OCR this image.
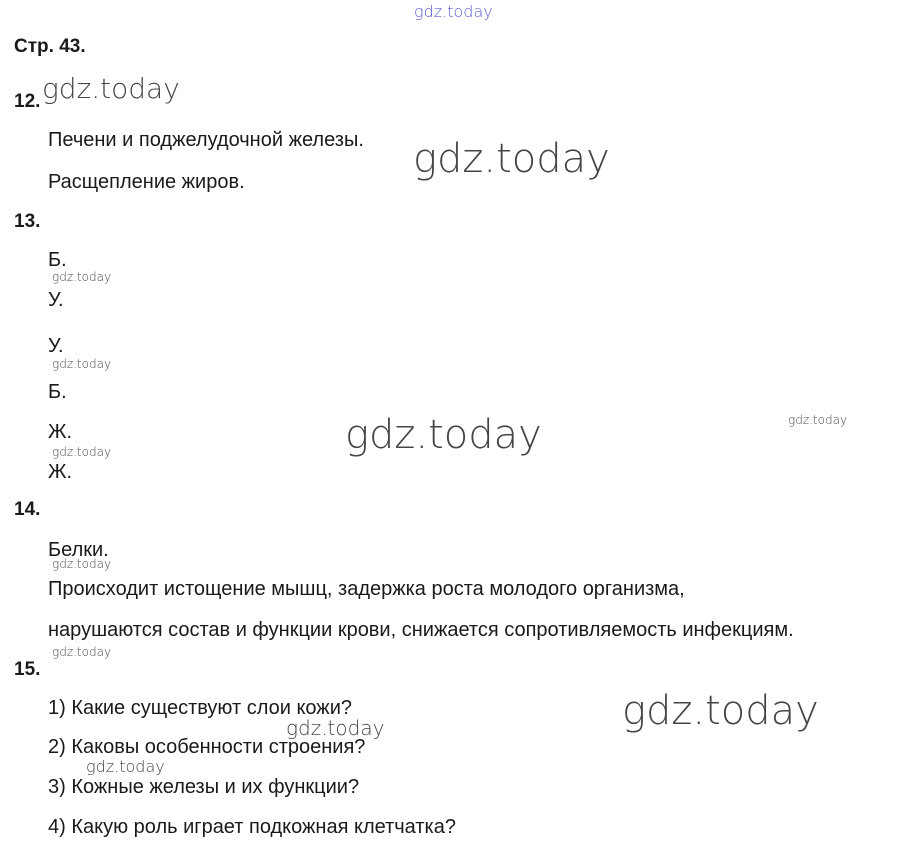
gdz.today
gdz.today
gdz.today
gdz.today
gdz.today
gdz.today
gdz.today
gdz.today
gdz.today
gdz.today
gdz.today
gdz.today
gdz.today
Стр. 43.
12.
Печени и поджелудочной железы.
Расщепление жиров.
13.
Б.
У.
У.
Б.
Ж.
Ж.
14.
Белки.
Происходит истощение мышц, задержка роста молодого организма,
нарушаются состав и функции крови, снижается сопротивляемость инфекциям.
15.
1) Какие существуют слои кожи?
2) Каковы особенности строения?
3) Кожные железы и их функции?
4) Какую роль играет подкожная клетчатка?
